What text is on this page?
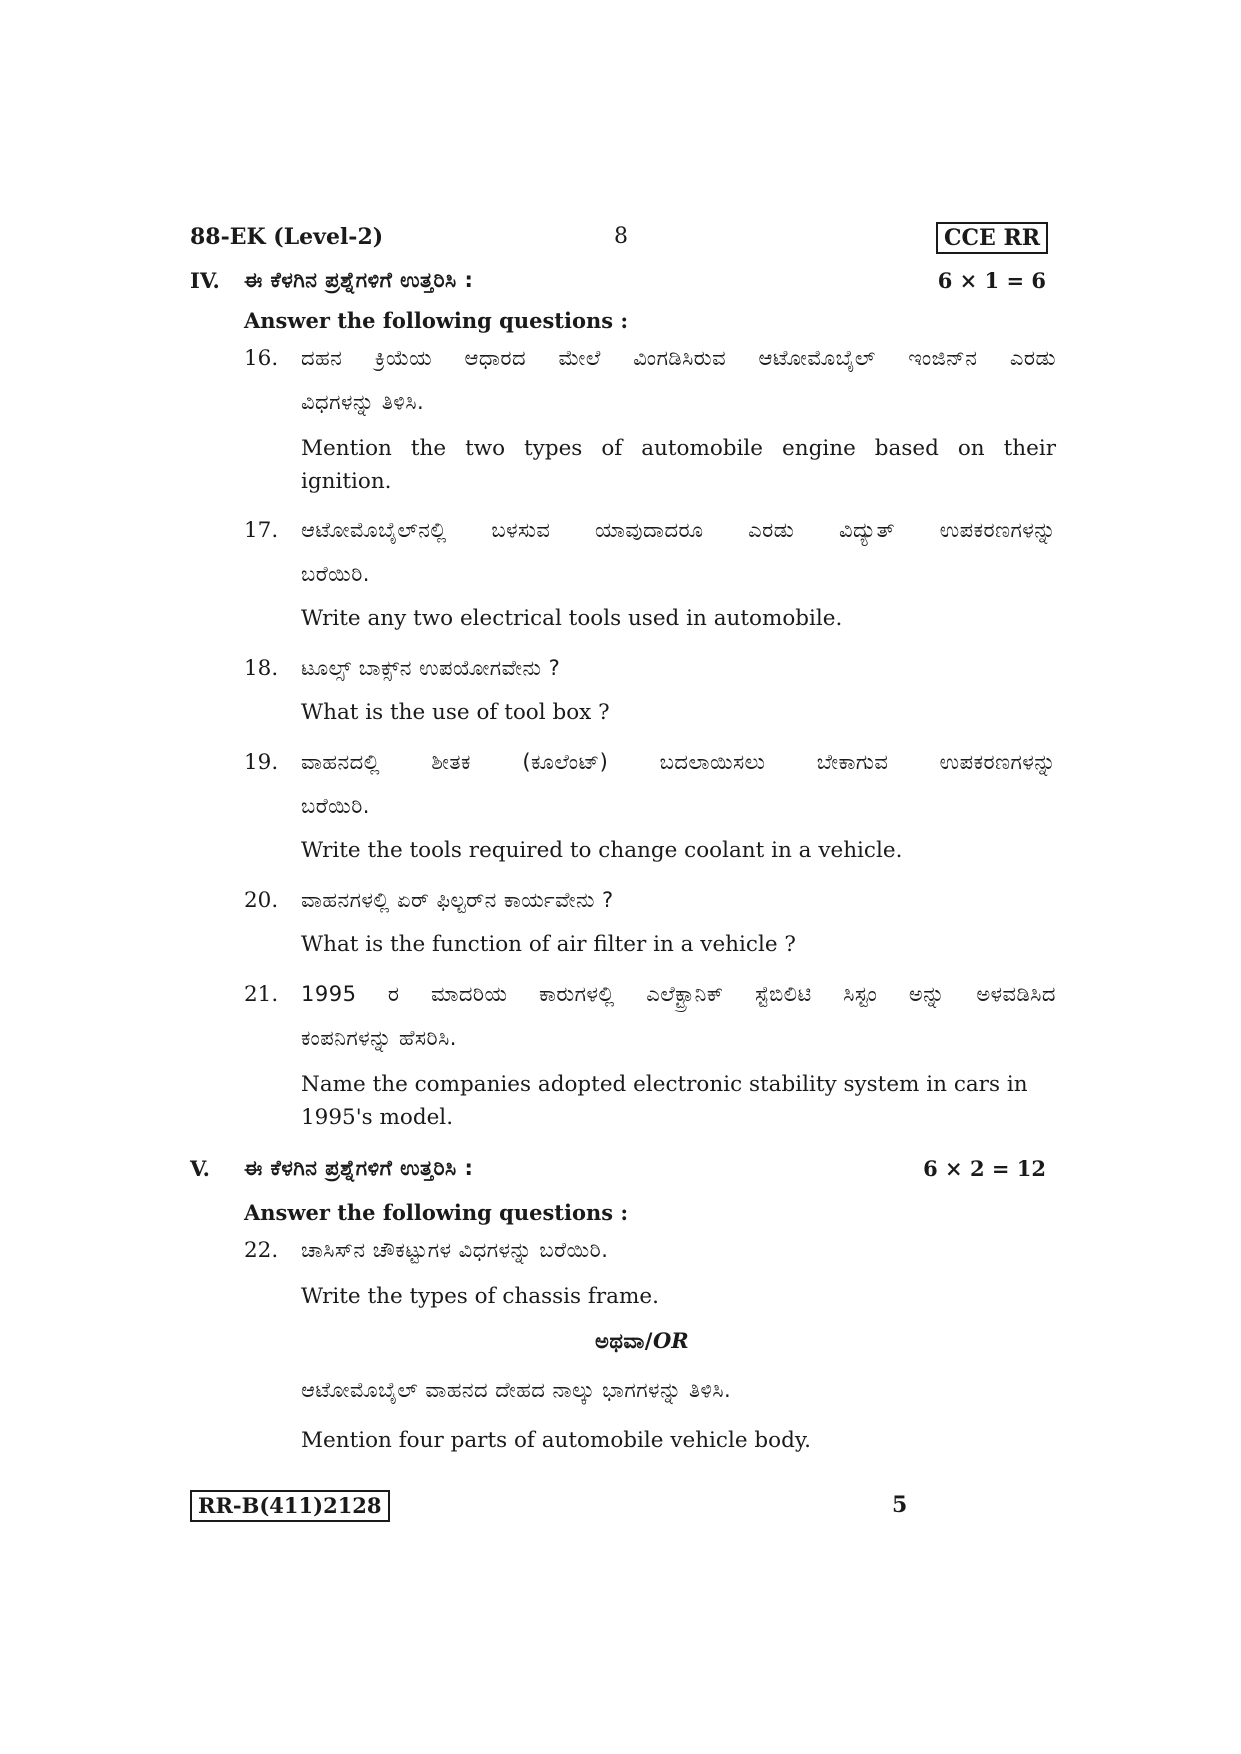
88-EK (Level-2)	8	CCE RR
IV. ಈ ಕೆಳಗಿನ ಪ್ರಶ್ನೆಗಳಿಗೆ ಉತ್ತರಿಸಿ :	6 × 1 = 6
Answer the following questions :
16. ದಹನ ಕ್ರಿಯೆಯ ಆಧಾರದ ಮೇಲೆ ವಿಂಗಡಿಸಿರುವ ಆಟೋಮೊಬೈಲ್ ಇಂಜಿನ್‌ನ ಎರಡು
ವಿಧಗಳನ್ನು ತಿಳಿಸಿ.
Mention the two types of automobile engine based on their ignition.
17. ಆಟೋಮೊಬೈಲ್‌ನಲ್ಲಿ ಬಳಸುವ ಯಾವುದಾದರೂ ಎರಡು ವಿದ್ಯುತ್ ಉಪಕರಣಗಳನ್ನು
ಬರೆಯಿರಿ.
Write any two electrical tools used in automobile.
18. ಟೂಲ್ಸ್ ಬಾಕ್ಸ್‌ನ ಉಪಯೋಗವೇನು ?
What is the use of tool box ?
19. ವಾಹನದಲ್ಲಿ ಶೀತಕ (ಕೂಲೆಂಟ್) ಬದಲಾಯಿಸಲು ಬೇಕಾಗುವ ಉಪಕರಣಗಳನ್ನು
ಬರೆಯಿರಿ.
Write the tools required to change coolant in a vehicle.
20. ವಾಹನಗಳಲ್ಲಿ ಏರ್ ಫಿಲ್ಟರ್‌ನ ಕಾರ್ಯವೇನು ?
What is the function of air filter in a vehicle ?
21. 1995 ರ ಮಾದರಿಯ ಕಾರುಗಳಲ್ಲಿ ಎಲೆಕ್ಟ್ರಾನಿಕ್ ಸ್ಟೆಬಿಲಿಟಿ ಸಿಸ್ಟಂ ಅನ್ನು ಅಳವಡಿಸಿದ
ಕಂಪನಿಗಳನ್ನು ಹೆಸರಿಸಿ.
Name the companies adopted electronic stability system in cars in 1995's model.
V. ಈ ಕೆಳಗಿನ ಪ್ರಶ್ನೆಗಳಿಗೆ ಉತ್ತರಿಸಿ :	6 × 2 = 12
Answer the following questions :
22. ಚಾಸಿಸ್‌ನ ಚೌಕಟ್ಟುಗಳ ವಿಧಗಳನ್ನು ಬರೆಯಿರಿ.
Write the types of chassis frame.
ಅಥವಾ/OR
ಆಟೋಮೊಬೈಲ್ ವಾಹನದ ದೇಹದ ನಾಲ್ಕು ಭಾಗಗಳನ್ನು ತಿಳಿಸಿ.
Mention four parts of automobile vehicle body.
RR-B(411)2128	5
